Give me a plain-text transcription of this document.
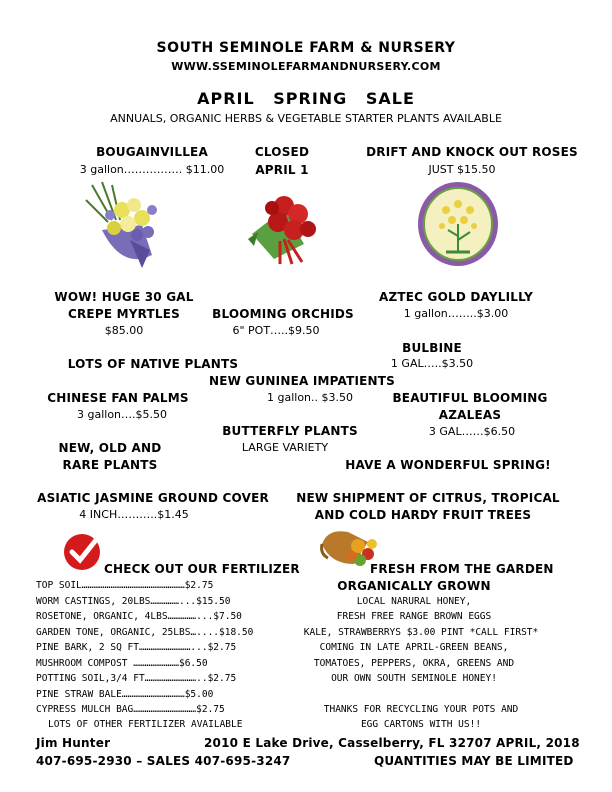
SOUTH SEMINOLE FARM & NURSERY
WWW.SSEMINOLEFARMANDNURSERY.COM
APRIL SPRING SALE
ANNUALS, ORGANIC HERBS & VEGETABLE STARTER PLANTS AVAILABLE
BOUGAINVILLEA
3 gallon……………. $11.00
CLOSED
APRIL 1
DRIFT AND KNOCK OUT ROSES
JUST $15.50
WOW! HUGE 30 GAL
CREPE MYRTLES
$85.00
BLOOMING ORCHIDS
6" POT…..$9.50
AZTEC GOLD DAYLILLY
1 gallon……..$3.00
BULBINE
1 GAL…..$3.50
LOTS OF NATIVE PLANTS
NEW GUNINEA IMPATIENTS
1 gallon.. $3.50
CHINESE FAN PALMS
3 gallon….$5.50
BEAUTIFUL BLOOMING
AZALEAS
3 GAL……$6.50
BUTTERFLY PLANTS
LARGE VARIETY
NEW, OLD AND
RARE PLANTS	HAVE A WONDERFUL SPRING!
ASIATIC JASMINE GROUND COVER
4 INCH………..$1.45
NEW SHIPMENT OF CITRUS, TROPICAL
AND COLD HARDY FRUIT TREES
CHECK OUT OUR FERTILIZER
TOP SOIL………………………………………………$2.75
WORM CASTINGS, 20LBS……………...$15.50
ROSETONE, ORGANIC, 4LBS……………...$7.50
GARDEN TONE, ORGANIC, 25LBS…....$18.50
PINE BARK, 2 SQ FT………………………...$2.75
MUSHROOM COMPOST ……………………$6.50
POTTING SOIL,3/4 FT………………………..$2.75
PINE STRAW BALE……………………………$5.00
CYPRESS MULCH BAG……………………………$2.75
LOTS OF OTHER FERTILIZER AVAILABLE
FRESH FROM THE GARDEN
ORGANICALLY GROWN
LOCAL NARURAL HONEY,
FRESH FREE RANGE BROWN EGGS
KALE, STRAWBERRYS $3.00 PINT *CALL FIRST*
COMING IN LATE APRIL-GREEN BEANS,
TOMATOES, PEPPERS, OKRA, GREENS AND
OUR OWN SOUTH SEMINOLE HONEY!
THANKS FOR RECYCLING YOUR POTS AND
EGG CARTONS WITH US!!
Jim Hunter	2010 E Lake Drive, Casselberry, FL 32707 APRIL, 2018
407-695-2930 – SALES 407-695-3247	QUANTITIES MAY BE LIMITED
